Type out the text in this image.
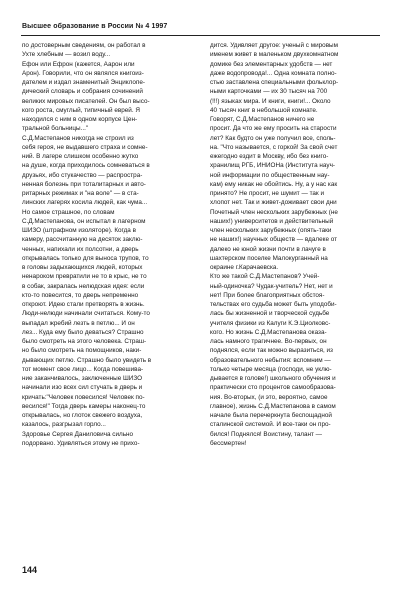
Высшее образование в России № 4 1997
по достоверным сведениям, он работал в
Ухте хлебным — возил воду...
Ефон или Ефрон (кажется, Аарон или
Арон). Говорили, что он являлся книгоиз-
дателем и издал знаменитый Энциклопе-
дический словарь и собрания сочинений
великих мировых писателей. Он был высо-
кого роста, смуглый, типичный еврей. Я
находился с ним в одном корпусе Цен-
тральной больницы..."
С.Д.Мастепанов никогда не строил из
себя героя, не выдавшего страха и сомне-
ний. В лагере слишком особенно жутко
на душе, когда приходилось сомневаться в
друзьях, ибо стукачество — распростра-
ненная болезнь при тоталитарных и авто-
ритарных режимах и "на воле" — в ста-
линских лагерях косила людей, как чума...
Но самое страшное, по словам
С.Д.Мастепанова, он испытал в лагерном
ШИЗО (штрафном изоляторе). Когда в
камеру, рассчитанную на десяток заклю-
ченных, напихали их полсотни, а дверь
открывалась только для выноса трупов, то
в головы задыхающихся людей, которых
ненароком превратили не то в крыс, не то
в собак, закралась нелюдская идея: если
кто-то повесится, то дверь непременно
откроют. Идею стали претворять в жизнь.
Люди-нелюди начинали считаться. Кому-то
выпадал жребий лезть в петлю... И он
лез... Куда ему было деваться? Страшно
было смотреть на этого человека. Страш-
но было смотреть на помощников, наки-
дывающих петлю. Страшно было увидеть в
тот момент свое лицо... Когда повешива-
ние заканчивалось, заключенные ШИЗО
начинали изо всех сил стучать в дверь и
кричать:"Человек повесился! Человек по-
весился!" Тогда дверь камеры наконец-то
открывалась, но глоток свежего воздуха,
казалось, разгрызал горло...
Здоровье Сергея Даниловича сильно
подорвано. Удивляться этому не прихо-
дится. Удивляет другое: ученый с мировым
именем живет в маленьком двухкомнатном
домике без элементарных удобств — нет
даже водопровода!... Одна комната полно-
стью заставлена специальными фольклор-
ными карточками — их 30 тысяч на 700
(!!!) языках мира. И книги, книги!... Около
40 тысяч книг в небольшой комнате.
Говорят, С.Д.Мастепанов ничего не
просит. Да что же ему просить на старости
лет? Как будто он уже получил все, споль-
на. "Что называется, с горкой! За свой счет
ежегодно ездит в Москву, ибо без книго-
хранилищ РГБ, ИНИОНа (Института науч-
ной информации по общественным нау-
кам) ему никак не обойтись. Ну, а у нас как
принято? Не просит, не шумит — так и
хлопот нет. Так и живет-доживает свои дни
Почетный член нескольких зарубежных (не
наших!) университетов и действительный
член нескольких зарубежных (опять-таки
не наших!) научных обществ — вдалеке от
далеко не юной жизни почти в лачуге в
шахтерском поселке Малокурганный на
окраине г.Карачаевска.
Кто же такой С.Д.Мастепанов? Учей-
ный-одиночка? Чудак-учитель? Нет, нет и
нет! При более благоприятных обстоя-
тельствах его судьба может быть уподоби-
лась бы жизненной и творческой судьбе
учителя физики из Калуги К.Э.Циолковс-
кого. Но жизнь С.Д.Мастепанова оказа-
лась намного трагичнее. Во-первых, он
поднялся, если так можно выразиться, из
образовательного небытия: вспомним —
только четыре месяца (господи, не уклю-
дывается в голове!) школьного обучения и
практически сто процентов самообразова-
ния. Во-вторых, (и это, вероятно, самое
главное), жизнь С.Д.Мастепанова в самом
начале была перечеркнута беспощадной
сталинской системой. И все-таки он про-
бился! Поднялся! Воистину, талант —
бессмертен!
144
